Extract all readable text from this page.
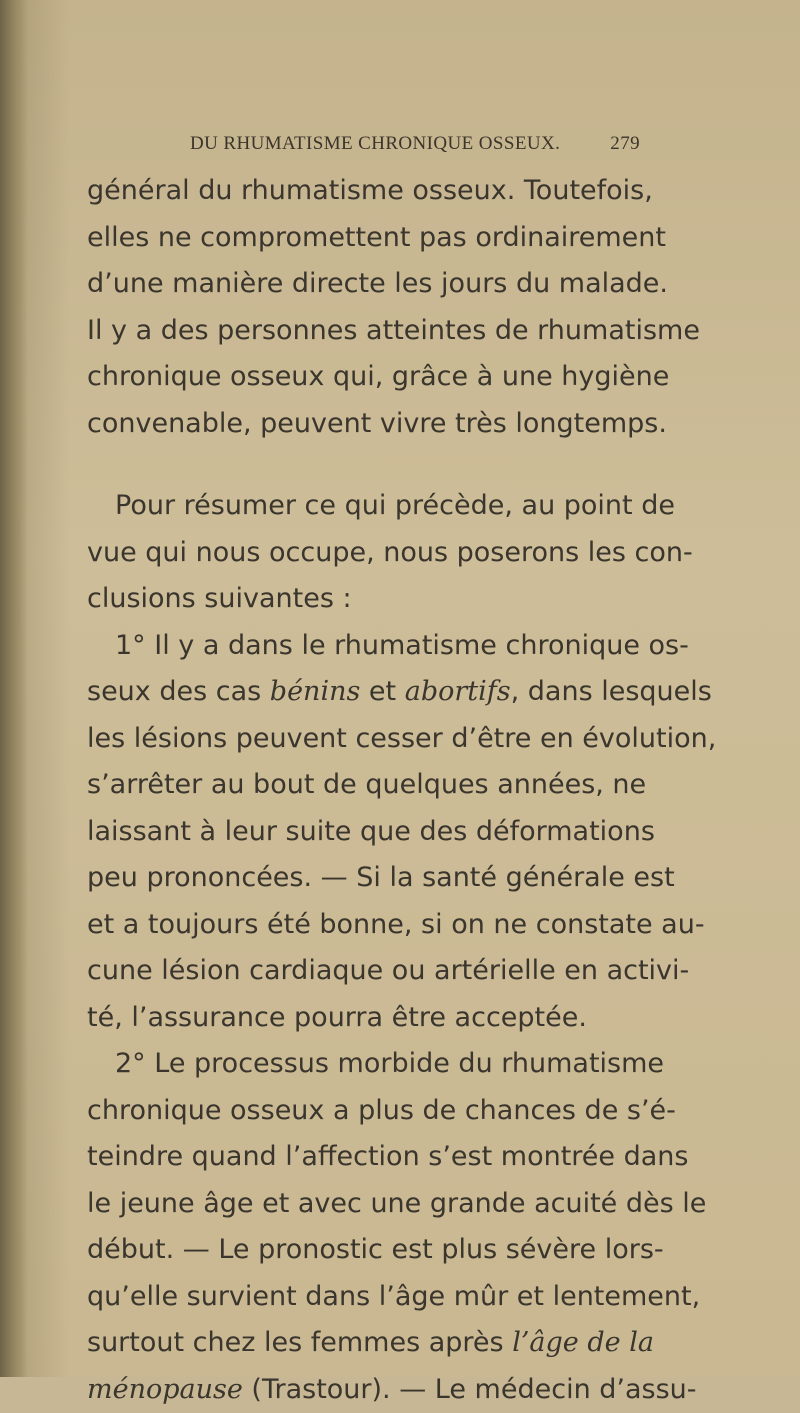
DU RHUMATISME CHRONIQUE OSSEUX.	279
général du rhumatisme osseux. Toutefois,
elles ne compromettent pas ordinairement
d’une manière directe les jours du malade.
Il y a des personnes atteintes de rhumatisme
chronique osseux qui, grâce à une hygiène
convenable, peuvent vivre très longtemps.
Pour résumer ce qui précède, au point de
vue qui nous occupe, nous poserons les con-
clusions suivantes :
1° Il y a dans le rhumatisme chronique os-
seux des cas bénins et abortifs, dans lesquels
les lésions peuvent cesser d’être en évolution,
s’arrêter au bout de quelques années, ne
laissant à leur suite que des déformations
peu prononcées. — Si la santé générale est
et a toujours été bonne, si on ne constate au-
cune lésion cardiaque ou artérielle en activi-
té, l’assurance pourra être acceptée.
2° Le processus morbide du rhumatisme
chronique osseux a plus de chances de s’é-
teindre quand l’affection s’est montrée dans
le jeune âge et avec une grande acuité dès le
début. — Le pronostic est plus sévère lors-
qu’elle survient dans l’âge mûr et lentement,
surtout chez les femmes après l’âge de la
ménopause (Trastour). — Le médecin d’assu-
